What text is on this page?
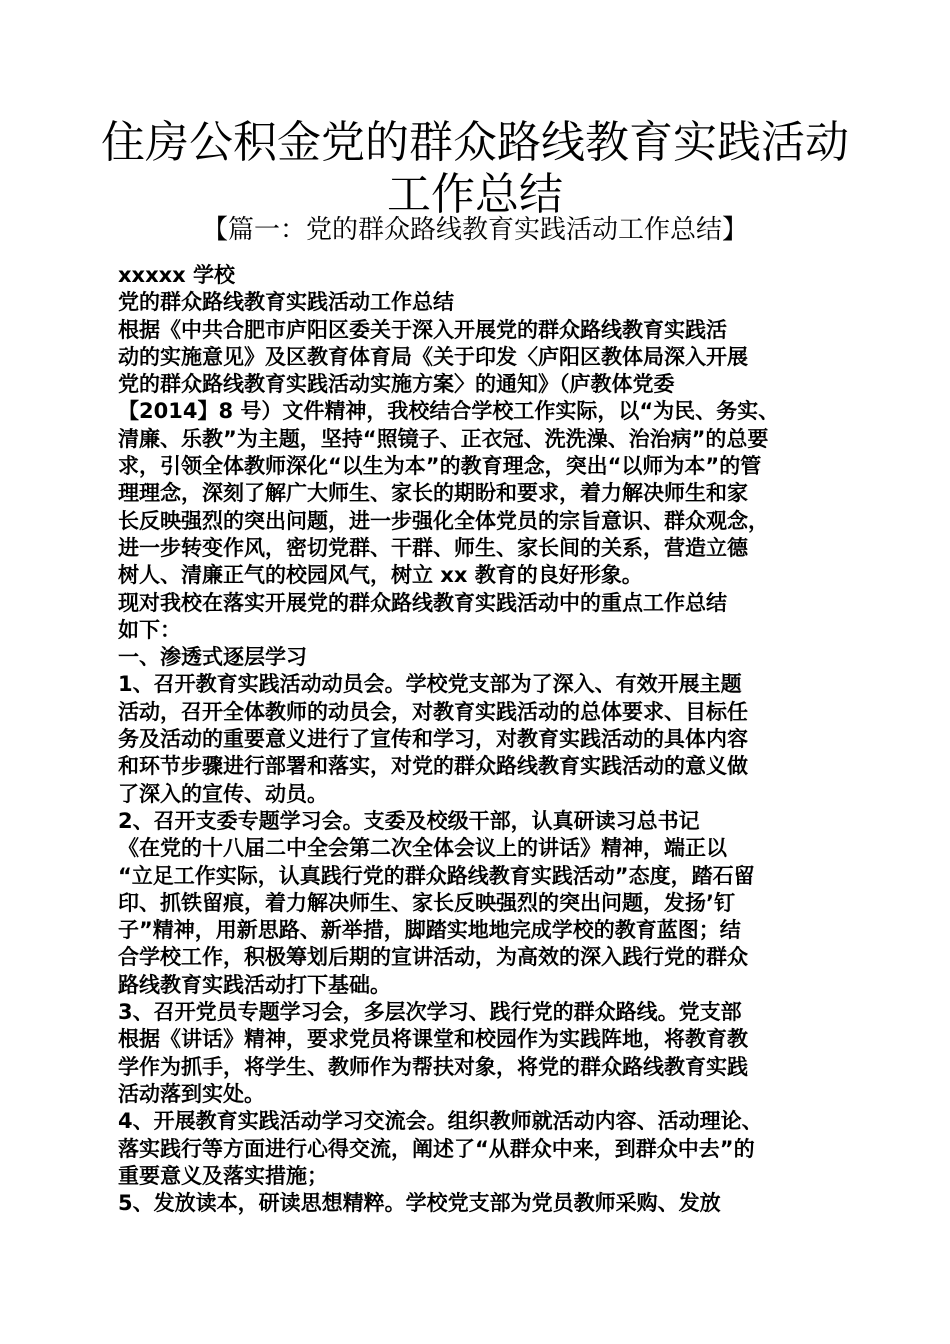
住房公积金党的群众路线教育实践活动
工作总结
【篇一：党的群众路线教育实践活动工作总结】

xxxxx 学校

党的群众路线教育实践活动工作总结

根据《中共合肥市庐阳区委关于深入开展党的群众路线教育实践活

动的实施意见》及区教育体育局《关于印发〈庐阳区教体局深入开展

党的群众路线教育实践活动实施方案〉的通知》（庐教体党委

【2014】8 号）文件精神，我校结合学校工作实际，以“为民、务实、

清廉、乐教”为主题，坚持“照镜子、正衣冠、洗洗澡、治治病”的总要

求，引领全体教师深化“以生为本”的教育理念，突出“以师为本”的管

理理念，深刻了解广大师生、家长的期盼和要求，着力解决师生和家

长反映强烈的突出问题，进一步强化全体党员的宗旨意识、群众观念，

进一步转变作风，密切党群、干群、师生、家长间的关系，营造立德

树人、清廉正气的校园风气，树立 xx 教育的良好形象。

现对我校在落实开展党的群众路线教育实践活动中的重点工作总结

如下：

一、渗透式逐层学习

1、召开教育实践活动动员会。学校党支部为了深入、有效开展主题

活动，召开全体教师的动员会，对教育实践活动的总体要求、目标任

务及活动的重要意义进行了宣传和学习，对教育实践活动的具体内容

和环节步骤进行部署和落实，对党的群众路线教育实践活动的意义做

了深入的宣传、动员。

2、召开支委专题学习会。支委及校级干部，认真研读习总书记

《在党的十八届二中全会第二次全体会议上的讲话》精神，端正以

“立足工作实际，认真践行党的群众路线教育实践活动”态度，踏石留

印、抓铁留痕，着力解决师生、家长反映强烈的突出问题，发扬’钉

子”精神，用新思路、新举措，脚踏实地地完成学校的教育蓝图；结

合学校工作，积极筹划后期的宣讲活动，为高效的深入践行党的群众

路线教育实践活动打下基础。

3、召开党员专题学习会，多层次学习、践行党的群众路线。党支部

根据《讲话》精神，要求党员将课堂和校园作为实践阵地，将教育教

学作为抓手，将学生、教师作为帮扶对象，将党的群众路线教育实践

活动落到实处。

4、开展教育实践活动学习交流会。组织教师就活动内容、活动理论、

落实践行等方面进行心得交流，阐述了“从群众中来，到群众中去”的

重要意义及落实措施；

5、发放读本，研读思想精粹。学校党支部为党员教师采购、发放
